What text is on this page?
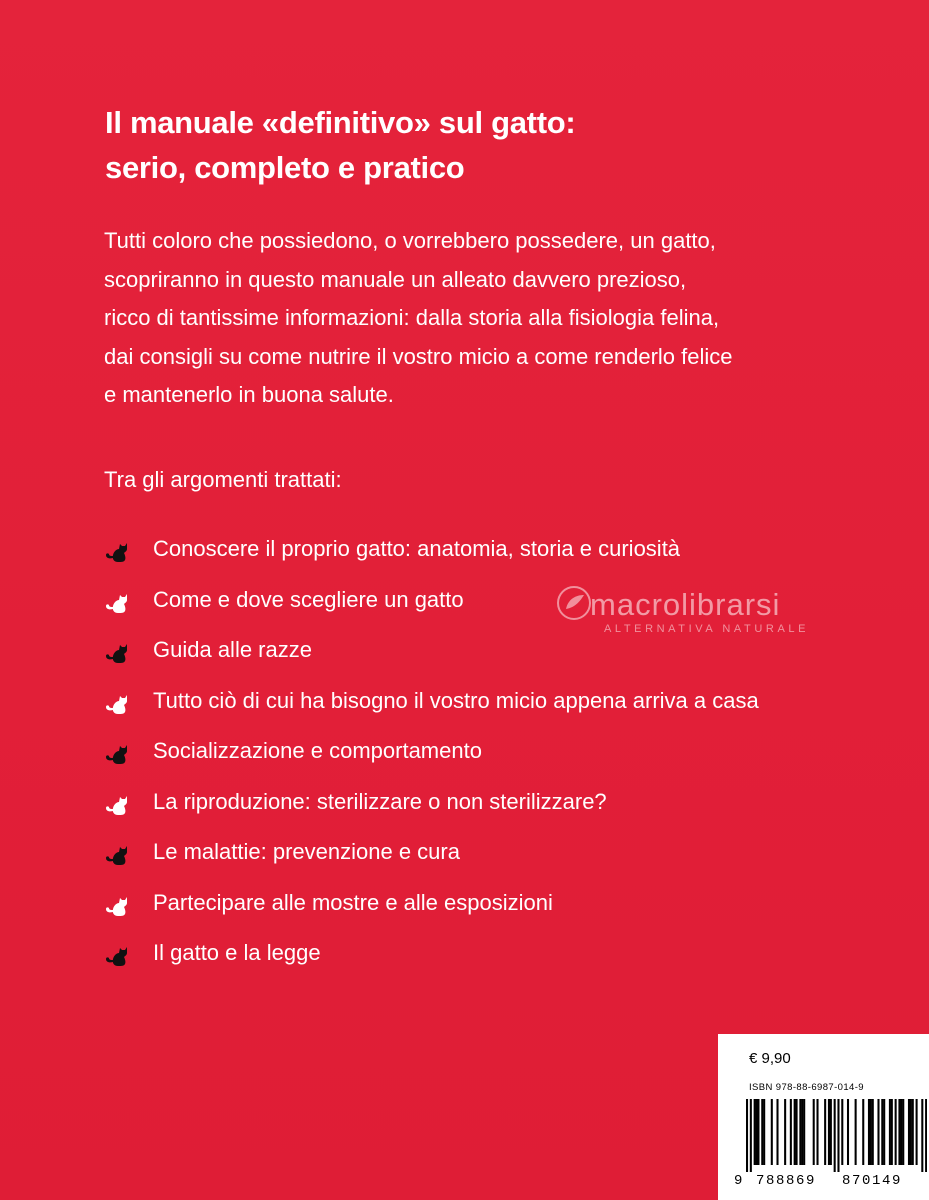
Il manuale «definitivo» sul gatto:
serio, completo e pratico
Tutti coloro che possiedono, o vorrebbero possedere, un gatto,
scopriranno in questo manuale un alleato davvero prezioso,
ricco di tantissime informazioni: dalla storia alla fisiologia felina,
dai consigli su come nutrire il vostro micio a come renderlo felice
e mantenerlo in buona salute.
Tra gli argomenti trattati:
Conoscere il proprio gatto: anatomia, storia e curiosità
Come e dove scegliere un gatto
Guida alle razze
Tutto ciò di cui ha bisogno il vostro micio appena arriva a casa
Socializzazione e comportamento
La riproduzione: sterilizzare o non sterilizzare?
Le malattie: prevenzione e cura
Partecipare alle mostre e alle esposizioni
Il gatto e la legge
macrolibrarsi
ALTERNATIVA NATURALE
€ 9,90
ISBN 978-88-6987-014-9
9 788869 870149
